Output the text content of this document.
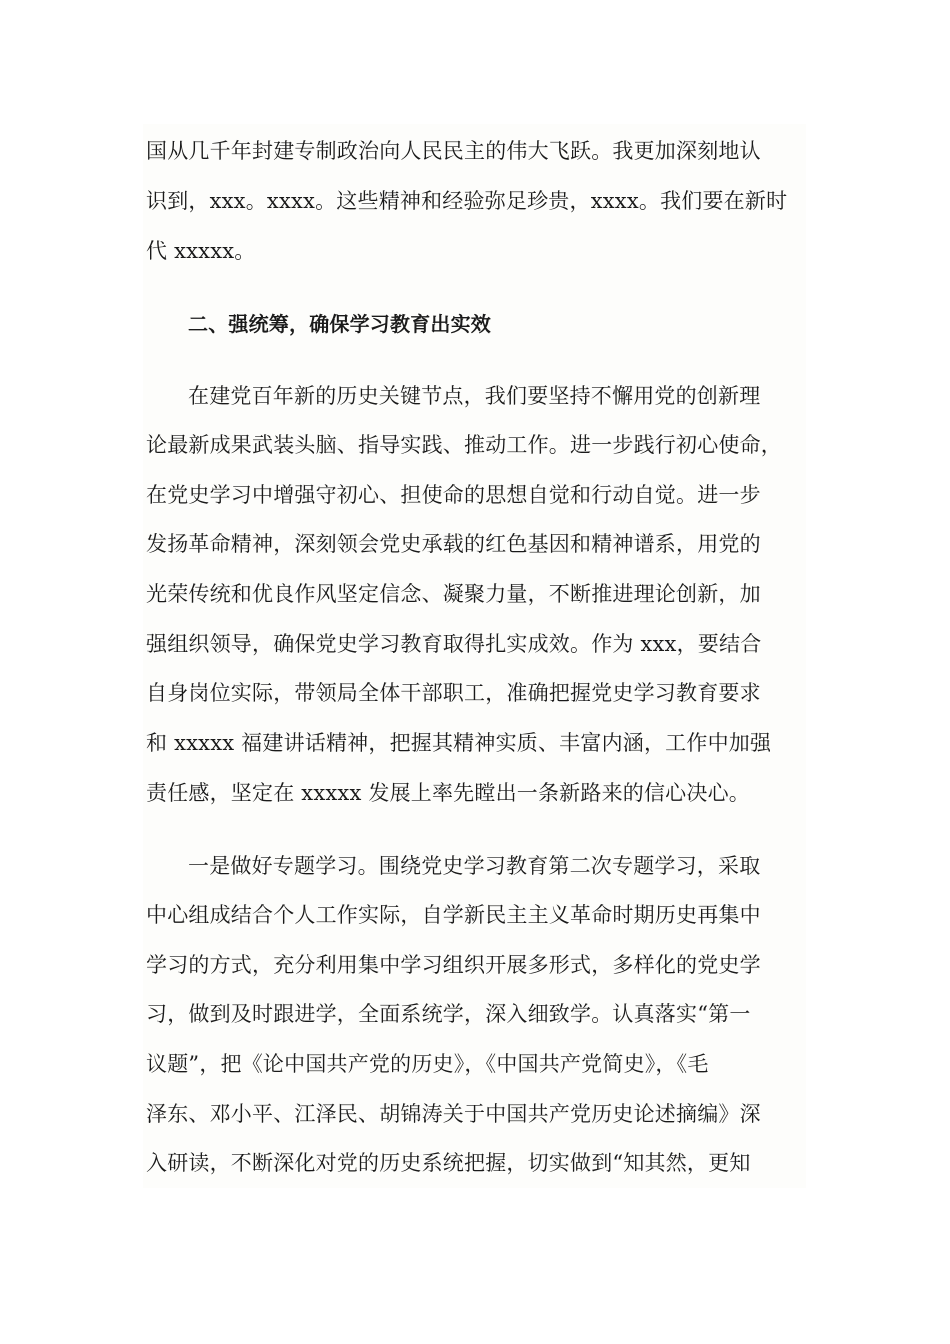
国从几千年封建专制政治向人民民主的伟大飞跃。我更加深刻地认
识到，xxx。xxxx。这些精神和经验弥足珍贵，xxxx。我们要在新时
代 xxxxx。
二、强统筹，确保学习教育出实效
在建党百年新的历史关键节点，我们要坚持不懈用党的创新理
论最新成果武装头脑、指导实践、推动工作。进一步践行初心使命，
在党史学习中增强守初心、担使命的思想自觉和行动自觉。进一步
发扬革命精神，深刻领会党史承载的红色基因和精神谱系，用党的
光荣传统和优良作风坚定信念、凝聚力量，不断推进理论创新，加
强组织领导，确保党史学习教育取得扎实成效。作为 xxx，要结合
自身岗位实际，带领局全体干部职工，准确把握党史学习教育要求
和 xxxxx 福建讲话精神，把握其精神实质、丰富内涵，工作中加强
责任感，坚定在 xxxxx 发展上率先瞠出一条新路来的信心决心。
一是做好专题学习。围绕党史学习教育第二次专题学习，采取
中心组成结合个人工作实际，自学新民主主义革命时期历史再集中
学习的方式，充分利用集中学习组织开展多形式，多样化的党史学
习，做到及时跟进学，全面系统学，深入细致学。认真落实“第一
议题”，把《论中国共产党的历史》，《中国共产党简史》，《毛
泽东、邓小平、江泽民、胡锦涛关于中国共产党历史论述摘编》深
入研读，不断深化对党的历史系统把握，切实做到“知其然，更知
